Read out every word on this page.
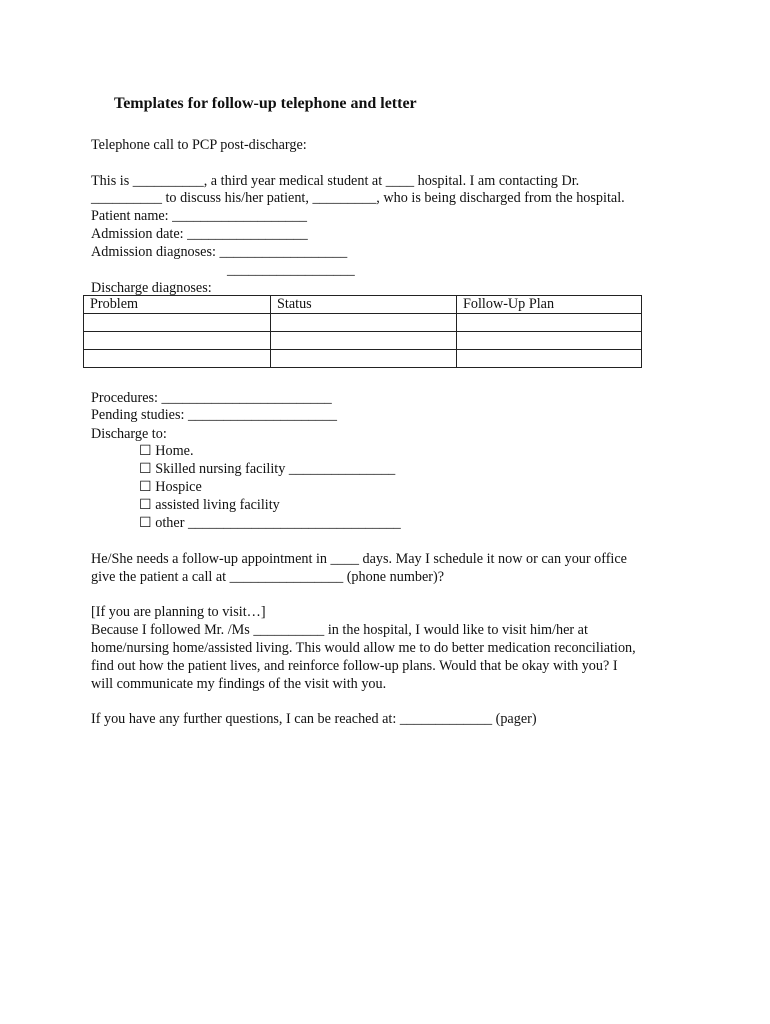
Templates for follow-up telephone and letter
Telephone call to PCP post-discharge:
This is __________, a third year medical student at ____ hospital. I am contacting Dr.
__________ to discuss his/her patient, _________, who is being discharged from the hospital.
Patient name: ___________________
Admission date: _________________
Admission diagnoses: __________________
__________________
Discharge diagnoses:
Problem	Status	Follow-Up Plan

Procedures: ________________________
Pending studies: _____________________
Discharge to:
☐ Home.
☐ Skilled nursing facility _______________
☐ Hospice
☐ assisted living facility
☐ other ______________________________
He/She needs a follow-up appointment in ____ days. May I schedule it now or can your office
give the patient a call at ________________ (phone number)?
[If you are planning to visit…]
Because I followed Mr. /Ms __________ in the hospital, I would like to visit him/her at
home/nursing home/assisted living. This would allow me to do better medication reconciliation,
find out how the patient lives, and reinforce follow-up plans. Would that be okay with you? I
will communicate my findings of the visit with you.
If you have any further questions, I can be reached at: _____________ (pager)
